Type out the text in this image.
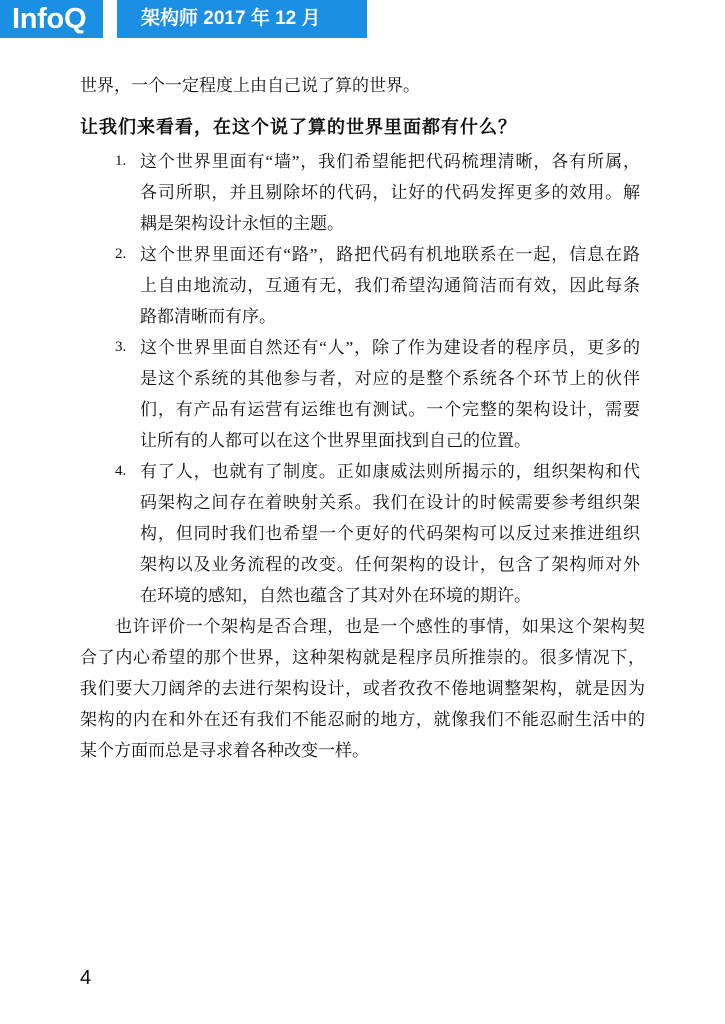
InfoQ	架构师 2017 年 12 月
世界，一个一定程度上由自己说了算的世界。
让我们来看看，在这个说了算的世界里面都有什么？
1. 这个世界里面有“墙”，我们希望能把代码梳理清晰，各有所属，
各司所职，并且剔除坏的代码，让好的代码发挥更多的效用。解
耦是架构设计永恒的主题。
2. 这个世界里面还有“路”，路把代码有机地联系在一起，信息在路
上自由地流动，互通有无，我们希望沟通简洁而有效，因此每条
路都清晰而有序。
3. 这个世界里面自然还有“人”，除了作为建设者的程序员，更多的
是这个系统的其他参与者，对应的是整个系统各个环节上的伙伴
们，有产品有运营有运维也有测试。一个完整的架构设计，需要
让所有的人都可以在这个世界里面找到自己的位置。
4. 有了人，也就有了制度。正如康威法则所揭示的，组织架构和代
码架构之间存在着映射关系。我们在设计的时候需要参考组织架
构，但同时我们也希望一个更好的代码架构可以反过来推进组织
架构以及业务流程的改变。任何架构的设计，包含了架构师对外
在环境的感知，自然也蕴含了其对外在环境的期许。
也许评价一个架构是否合理，也是一个感性的事情，如果这个架构契
合了内心希望的那个世界，这种架构就是程序员所推崇的。很多情况下，
我们要大刀阔斧的去进行架构设计，或者孜孜不倦地调整架构，就是因为
架构的内在和外在还有我们不能忍耐的地方，就像我们不能忍耐生活中的
某个方面而总是寻求着各种改变一样。
4
